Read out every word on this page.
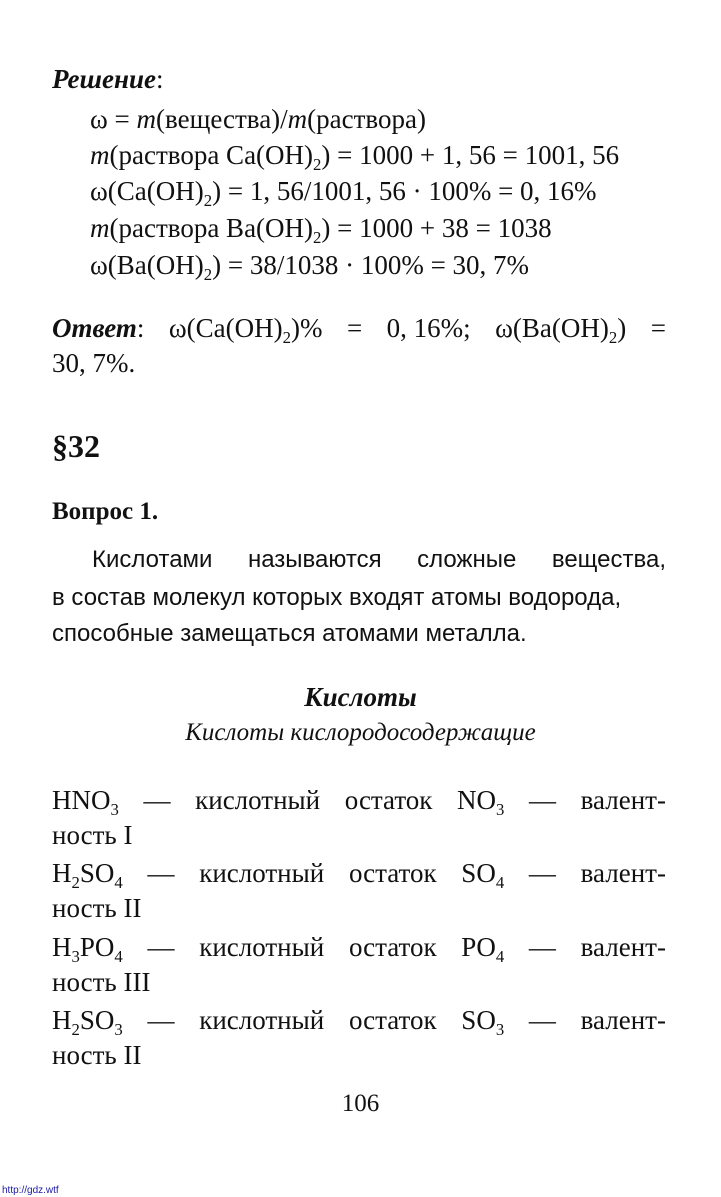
Решение:
ω = m(вещества)/m(раствора)
m(раствора $Ca(OH)_2) = 1000 + 1$, 56 = 1001, 56
$\omega(Ca(OH)_2) = 1$, 56/1001, 56 · 100% = 0, 16%
m(раствора $Ba(OH)_2) = 1000 + 38 = 1038$
$\omega(Ba(OH)_2) = 38/1038 \cdot 100\% = 30$, 7%
Ответ: $\omega(Ca(OH)_2)\% = 0$, 16%; $\omega(Ba(OH)_2)$ =
30, 7%.
§32
Вопрос 1.
Кислотами называются сложные вещества,
в состав молекул которых входят атомы водорода,
способные замещаться атомами металла.
Кислоты
Кислоты кислородосодержащие
$HNO_3$ — кислотный остаток $NO_3$ — валент-
ность I
$H_2SO_4$ — кислотный остаток $SO_4$ — валент-
ность II
$H_3PO_4$ — кислотный остаток $PO_4$ — валент-
ность III
$H_2SO_3$ — кислотный остаток $SO_3$ — валент-
ность II
106
http://gdz.wtf
